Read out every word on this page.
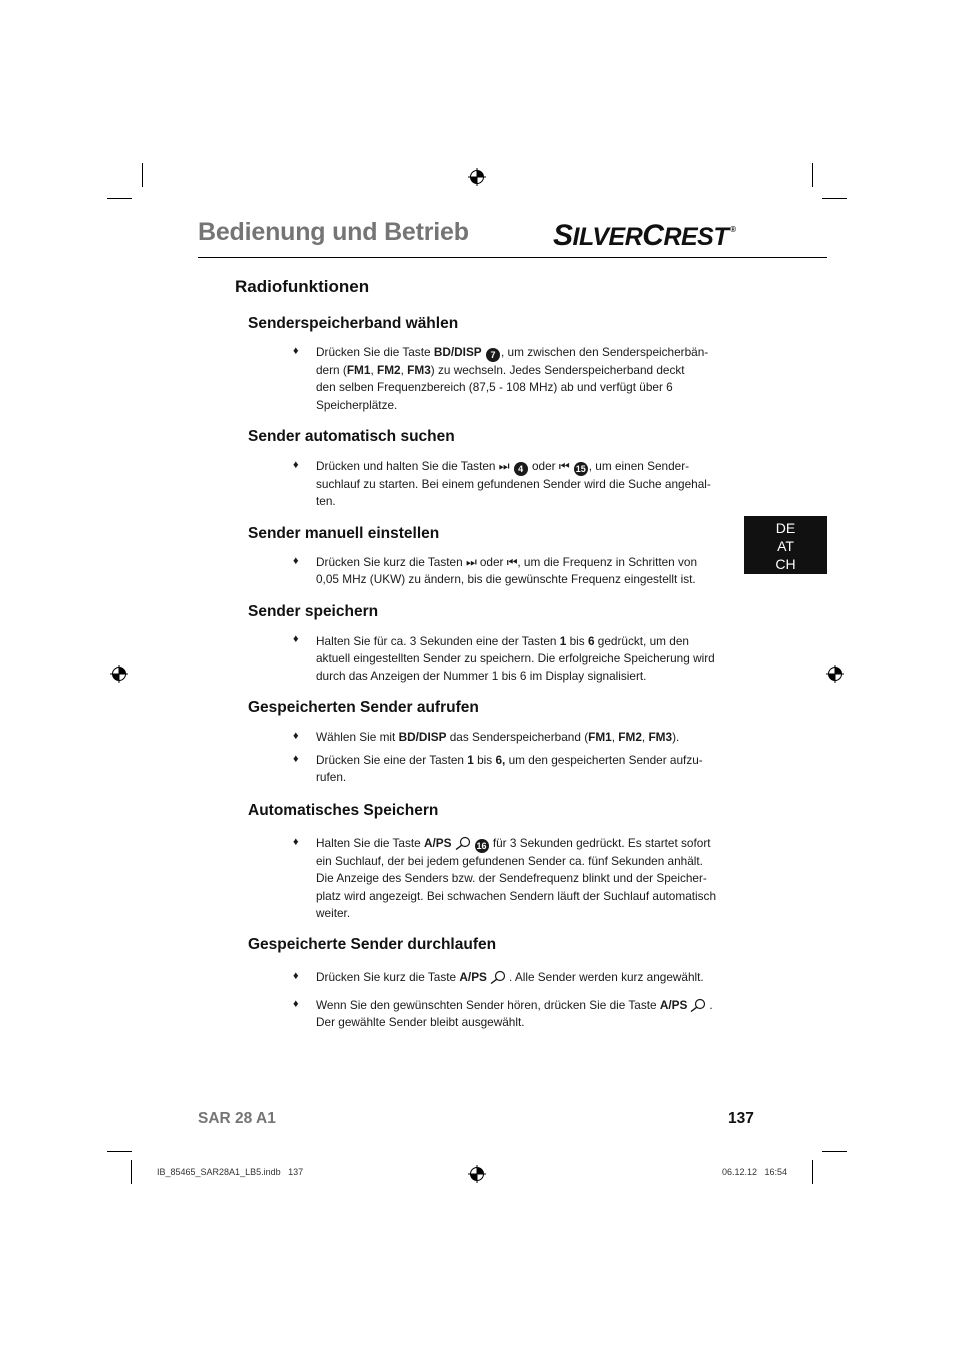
Bedienung und Betrieb	SILVERCREST ®
DE
AT
CH
Radiofunktionen
Senderspeicherband wählen
♦ Drücken Sie die Taste BD/DISP 7 , um zwischen den Senderspeicherbän-
dern (FM1, FM2, FM3) zu wechseln. Jedes Senderspeicherband deckt
den selben Frequenzbereich (87,5 - 108 MHz) ab und verfügt über 6
Speicherplätze.
Sender automatisch suchen
♦ Drücken und halten Sie die Tasten ⏭ 4 oder ⏮ 15 , um einen Sender-
suchlauf zu starten. Bei einem gefundenen Sender wird die Suche angehal-
ten.
Sender manuell einstellen
♦ Drücken Sie kurz die Tasten ⏭ oder ⏮, um die Frequenz in Schritten von
0,05 MHz (UKW) zu ändern, bis die gewünschte Frequenz eingestellt ist.
Sender speichern
♦ Halten Sie für ca. 3 Sekunden eine der Tasten 1 bis 6 gedrückt, um den
aktuell eingestellten Sender zu speichern. Die erfolgreiche Speicherung wird
durch das Anzeigen der Nummer 1 bis 6 im Display signalisiert.
Gespeicherten Sender aufrufen
♦ Wählen Sie mit BD/DISP das Senderspeicherband (FM1, FM2, FM3).
♦ Drücken Sie eine der Tasten 1 bis 6, um den gespeicherten Sender aufzu-
rufen.
Automatisches Speichern
♦ Halten Sie die Taste A/PS	16 für 3 Sekunden gedrückt. Es startet sofort
ein Suchlauf, der bei jedem gefundenen Sender ca. fünf Sekunden anhält.
Die Anzeige des Senders bzw. der Sendefrequenz blinkt und der Speicher-
platz wird angezeigt. Bei schwachen Sendern läuft der Suchlauf automatisch
weiter.
Gespeicherte Sender durchlaufen
♦ Drücken Sie kurz die Taste A/PS . Alle Sender werden kurz angewählt.
♦ Wenn Sie den gewünschten Sender hören, drücken Sie die Taste A/PS .
Der gewählte Sender bleibt ausgewählt.
SAR 28 A1	137
IB_85465_SAR28A1_LB5.indb   137	06.12.12   16:54
